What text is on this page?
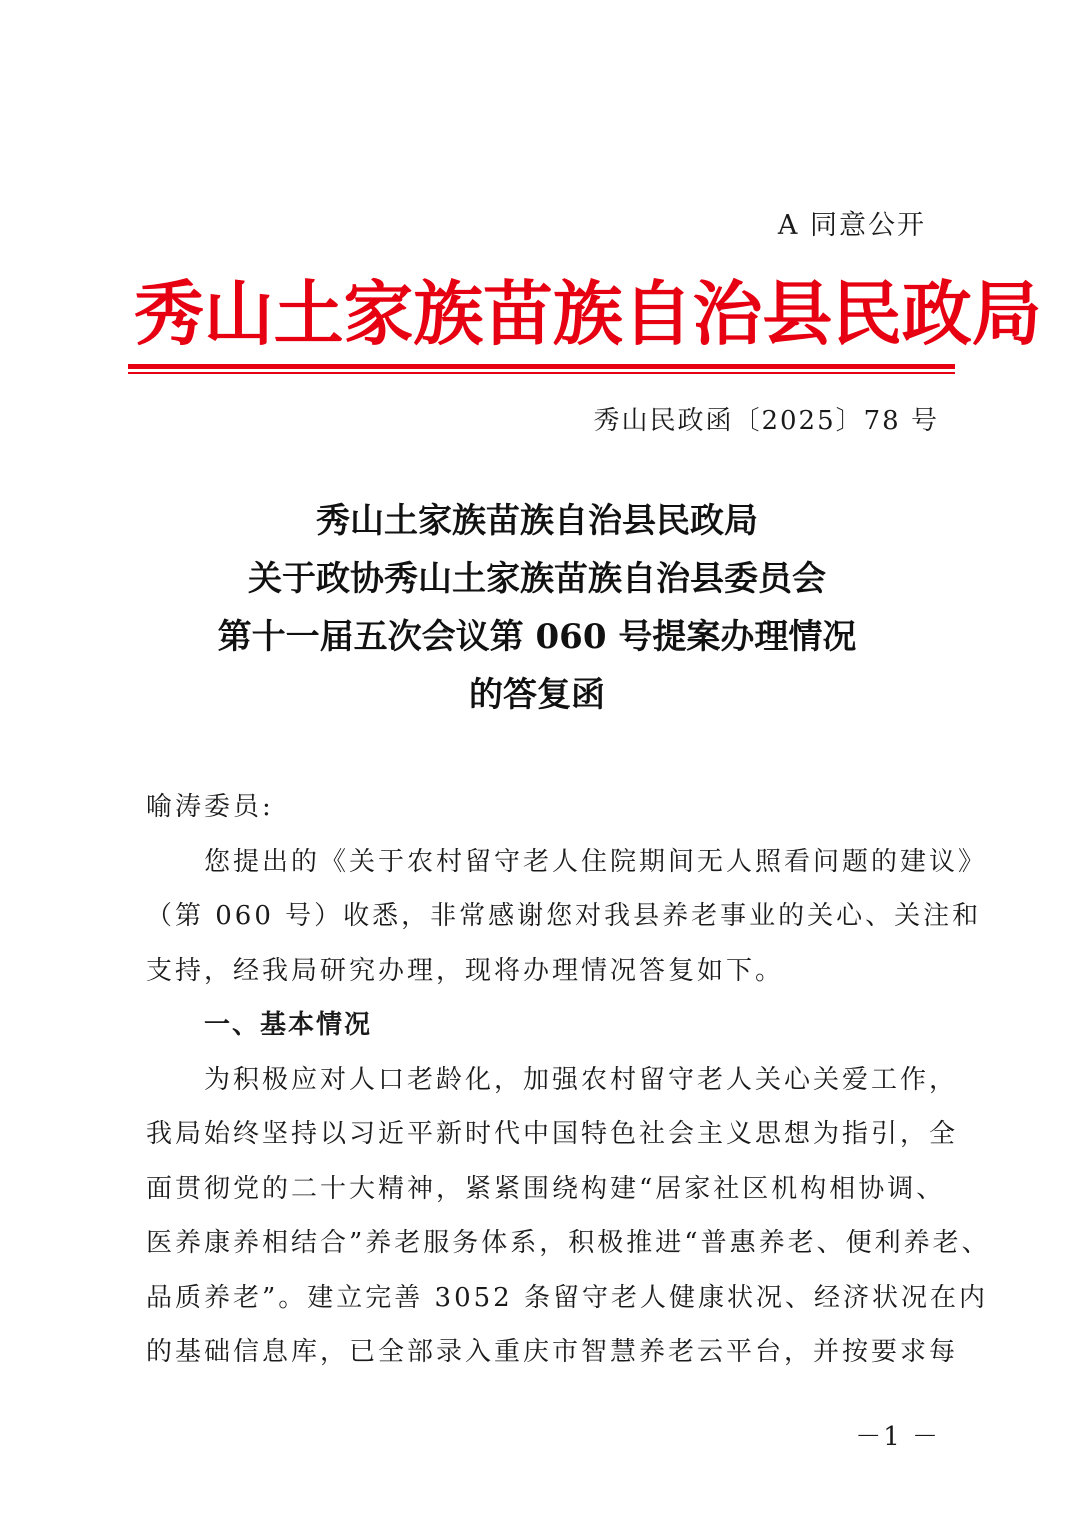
A 同意公开
秀山土家族苗族自治县民政局
秀山民政函〔2025〕78 号
秀山土家族苗族自治县民政局
关于政协秀山土家族苗族自治县委员会
第十一届五次会议第 060 号提案办理情况
的答复函

喻涛委员:

您提出的《关于农村留守老人住院期间无人照看问题的建议》

（第 060 号）收悉，非常感谢您对我县养老事业的关心、关注和

支持，经我局研究办理，现将办理情况答复如下。

一、基本情况

为积极应对人口老龄化，加强农村留守老人关心关爱工作，

我局始终坚持以习近平新时代中国特色社会主义思想为指引，全

面贯彻党的二十大精神，紧紧围绕构建“居家社区机构相协调、

医养康养相结合”养老服务体系，积极推进“普惠养老、便利养老、

品质养老”。建立完善 3052 条留守老人健康状况、经济状况在内

的基础信息库，已全部录入重庆市智慧养老云平台，并按要求每

－1 －
